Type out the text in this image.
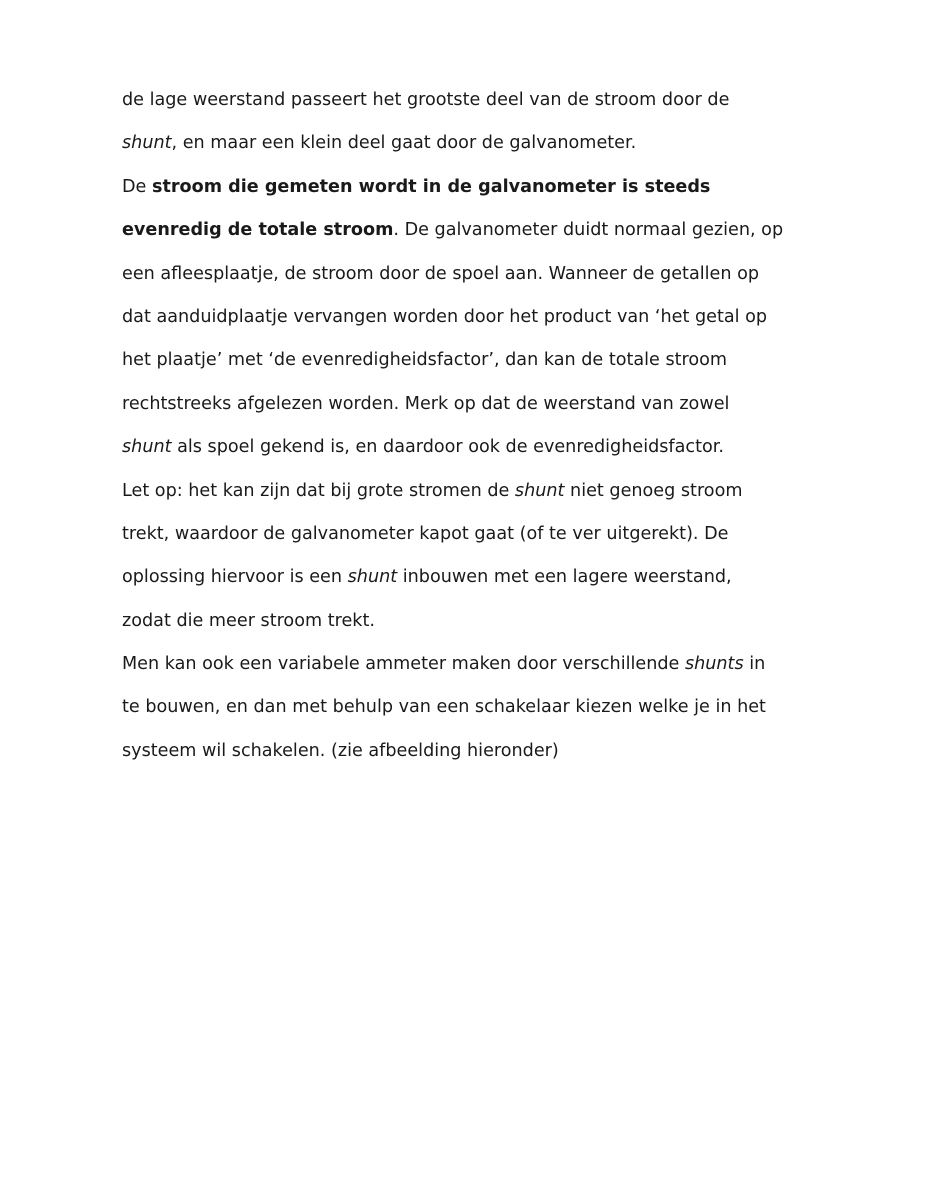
de lage weerstand passeert het grootste deel van de stroom door de
shunt, en maar een klein deel gaat door de galvanometer.
De stroom die gemeten wordt in de galvanometer is steeds
evenredig de totale stroom. De galvanometer duidt normaal gezien, op
een afleesplaatje, de stroom door de spoel aan. Wanneer de getallen op
dat aanduidplaatje vervangen worden door het product van ‘het getal op
het plaatje’ met ‘de evenredigheidsfactor’, dan kan de totale stroom
rechtstreeks afgelezen worden. Merk op dat de weerstand van zowel
shunt als spoel gekend is, en daardoor ook de evenredigheidsfactor.
Let op: het kan zijn dat bij grote stromen de shunt niet genoeg stroom
trekt, waardoor de galvanometer kapot gaat (of te ver uitgerekt). De
oplossing hiervoor is een shunt inbouwen met een lagere weerstand,
zodat die meer stroom trekt.
Men kan ook een variabele ammeter maken door verschillende shunts in
te bouwen, en dan met behulp van een schakelaar kiezen welke je in het
systeem wil schakelen. (zie afbeelding hieronder)
